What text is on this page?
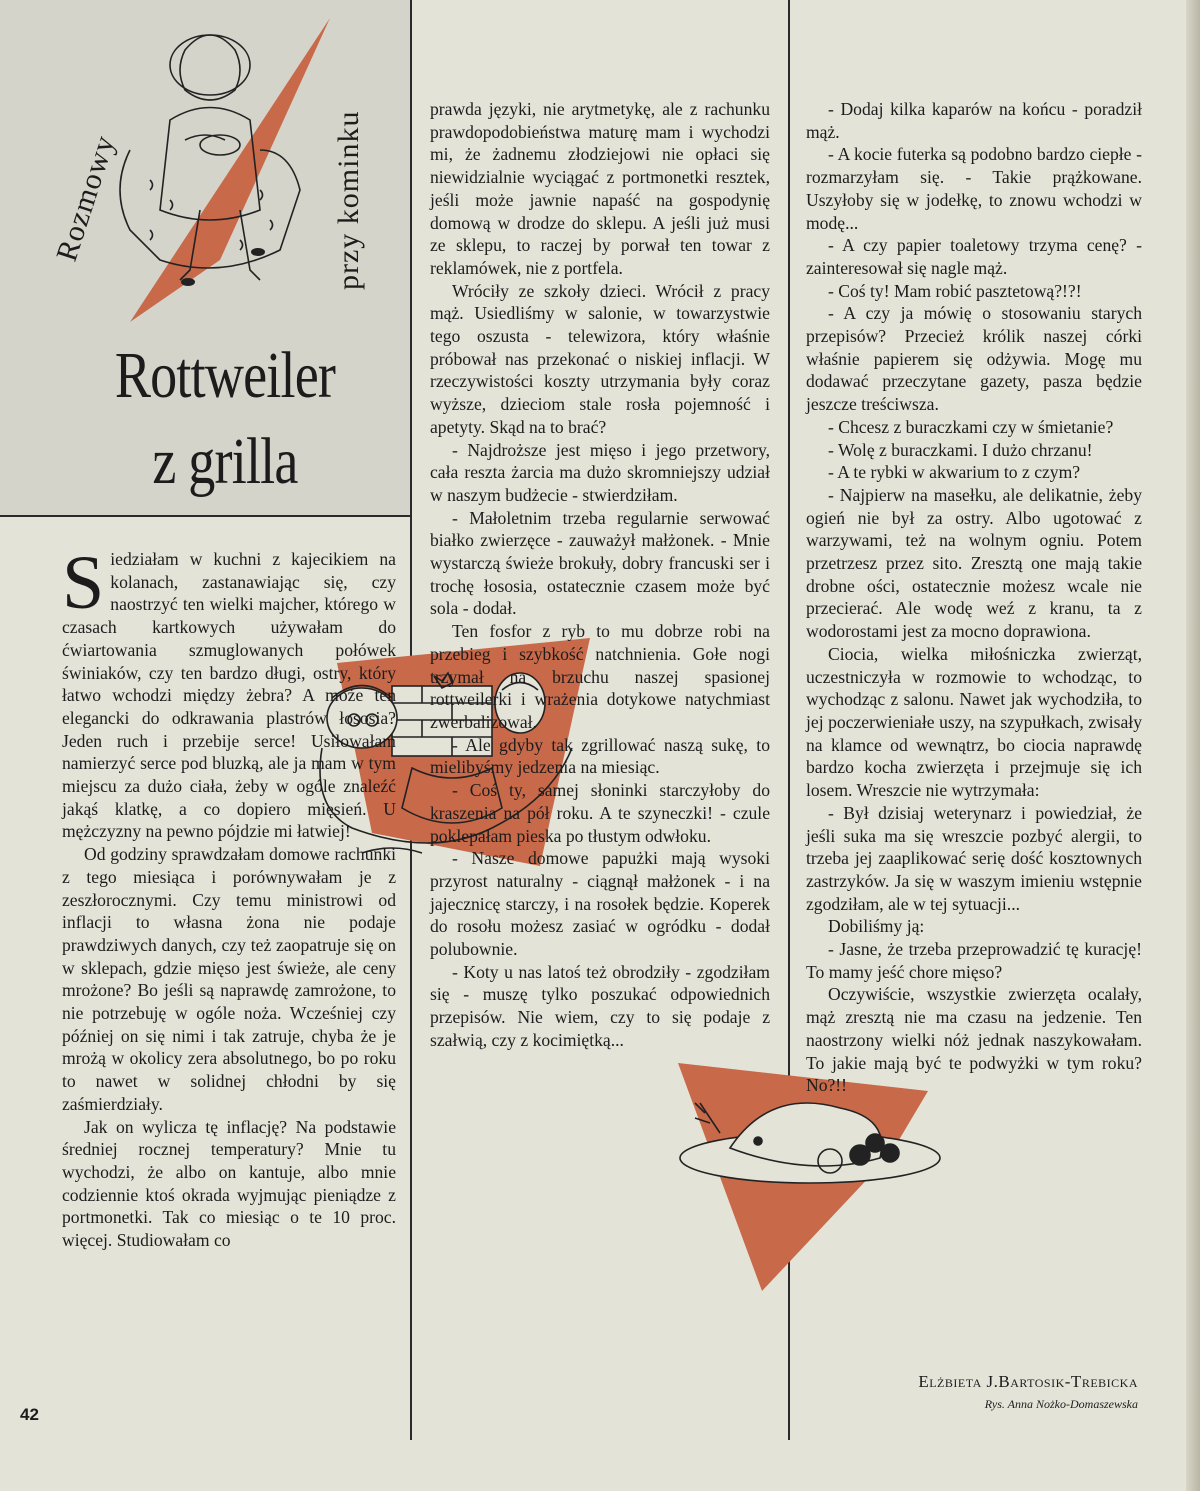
Rozmowy	przy kominku
Rottweiler
z grilla
S iedziałam w kuchni z kajecikiem na kolanach, zastanawiając się, czy naostrzyć ten wielki majcher, którego w czasach kartkowych używałam do ćwiartowania szmuglowanych połówek świniaków, czy ten bardzo długi, ostry, który łatwo wchodzi między żebra? A może ten elegancki do odkrawania plastrów łososia? Jeden ruch i przebije serce! Usiłowałam namierzyć serce pod bluzką, ale ja mam w tym miejscu za dużo ciała, żeby w ogóle znaleźć jakąś klatkę, a co dopiero mięsień. U mężczyzny na pewno pójdzie mi łatwiej!

Od godziny sprawdzałam domowe rachunki z tego miesiąca i porównywałam je z zeszłorocznymi. Czy temu ministrowi od inflacji to własna żona nie podaje prawdziwych danych, czy też zaopatruje się on w sklepach, gdzie mięso jest świeże, ale ceny mrożone? Bo jeśli są naprawdę zamrożone, to nie potrzebuję w ogóle noża. Wcześniej czy później on się nimi i tak zatruje, chyba że je mrożą w okolicy zera absolutnego, bo po roku to nawet w solidnej chłodni by się zaśmierdziały.

Jak on wylicza tę inflację? Na podstawie średniej rocznej temperatury? Mnie tu wychodzi, że albo on kantuje, albo mnie codziennie ktoś okrada wyjmując pieniądze z portmonetki. Tak co miesiąc o te 10 proc. więcej. Studiowałam co

prawda języki, nie arytmetykę, ale z rachunku prawdopodobieństwa maturę mam i wychodzi mi, że żadnemu złodziejowi nie opłaci się niewidzialnie wyciągać z portmonetki resztek, jeśli może jawnie napaść na gospodynię domową w drodze do sklepu. A jeśli już musi ze sklepu, to raczej by porwał ten towar z reklamówek, nie z portfela.

Wróciły ze szkoły dzieci. Wrócił z pracy mąż. Usiedliśmy w salonie, w towarzystwie tego oszusta - telewizora, który właśnie próbował nas przekonać o niskiej inflacji. W rzeczywistości koszty utrzymania były coraz wyższe, dzieciom stale rosła pojemność i apetyty. Skąd na to brać?

- Najdroższe jest mięso i jego przetwory, cała reszta żarcia ma dużo skromniejszy udział w naszym budżecie - stwierdziłam.

- Małoletnim trzeba regularnie serwować białko zwierzęce - zauważył małżonek. - Mnie wystarczą świeże brokuły, dobry francuski ser i trochę łososia, ostatecznie czasem może być sola - dodał.

Ten fosfor z ryb to mu dobrze robi na przebieg i szybkość natchnienia. Gołe nogi trzymał na brzuchu naszej spasionej rottweilerki i wrażenia dotykowe natychmiast zwerbalizował.

- Ale gdyby tak zgrillować naszą sukę, to mielibyśmy jedzenia na miesiąc.

- Coś ty, samej słoninki starczyłoby do kraszenia na pół roku. A te szyneczki! - czule poklepałam pieska po tłustym odwłoku.

- Nasze domowe papużki mają wysoki przyrost naturalny - ciągnął małżonek - i na jajecznicę starczy, i na rosołek będzie. Koperek do rosołu możesz zasiać w ogródku - dodał polubownie.

- Koty u nas latoś też obrodziły - zgodziłam się - muszę tylko poszukać odpowiednich przepisów. Nie wiem, czy to się podaje z szałwią, czy z kocimiętką...

- Dodaj kilka kaparów na końcu - poradził mąż.

- A kocie futerka są podobno bardzo ciepłe - rozmarzyłam się. - Takie prążkowane. Uszyłoby się w jodełkę, to znowu wchodzi w modę...

- A czy papier toaletowy trzyma cenę? - zainteresował się nagle mąż.

- Coś ty! Mam robić pasztetową?!?!

- A czy ja mówię o stosowaniu starych przepisów? Przecież królik naszej córki właśnie papierem się odżywia. Mogę mu dodawać przeczytane gazety, pasza będzie jeszcze treściwsza.

- Chcesz z buraczkami czy w śmietanie?

- Wolę z buraczkami. I dużo chrzanu!

- A te rybki w akwarium to z czym?

- Najpierw na masełku, ale delikatnie, żeby ogień nie był za ostry. Albo ugotować z warzywami, też na wolnym ogniu. Potem przetrzesz przez sito. Zresztą one mają takie drobne ości, ostatecznie możesz wcale nie przecierać. Ale wodę weź z kranu, ta z wodorostami jest za mocno doprawiona.

Ciocia, wielka miłośniczka zwierząt, uczestniczyła w rozmowie to wchodząc, to wychodząc z salonu. Nawet jak wychodziła, to jej poczerwieniałe uszy, na szypułkach, zwisały na klamce od wewnątrz, bo ciocia naprawdę bardzo kocha zwierzęta i przejmuje się ich losem. Wreszcie nie wytrzymała:

- Był dzisiaj weterynarz i powiedział, że jeśli suka ma się wreszcie pozbyć alergii, to trzeba jej zaaplikować serię dość kosztownych zastrzyków. Ja się w waszym imieniu wstępnie zgodziłam, ale w tej sytuacji...

Dobiliśmy ją:

- Jasne, że trzeba przeprowadzić tę kurację! To mamy jeść chore mięso?

Oczywiście, wszystkie zwierzęta ocalały, mąż zresztą nie ma czasu na jedzenie. Ten naostrzony wielki nóż jednak naszykowałam. To jakie mają być te podwyżki w tym roku? No?!!

Elżbieta J.Bartosik-Trebicka
Rys. Anna Nożko-Domaszewska
42
